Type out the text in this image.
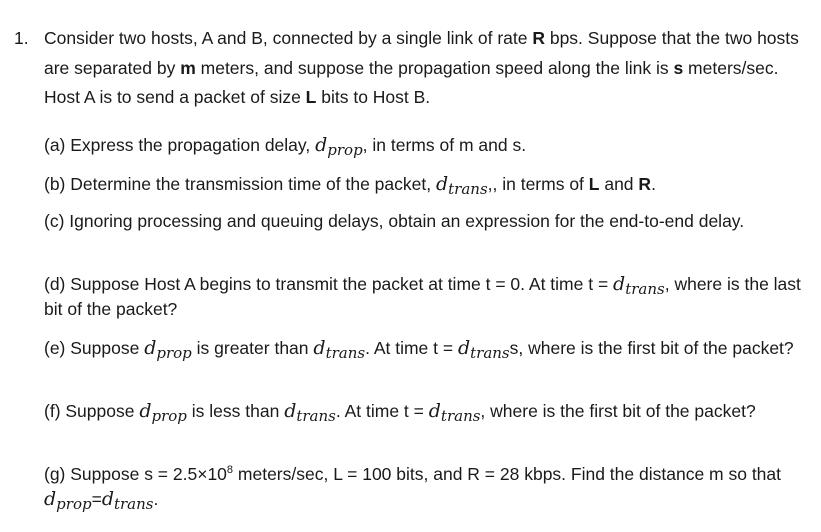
1. Consider two hosts, A and B, connected by a single link of rate R bps. Suppose that the two hosts are separated by m meters, and suppose the propagation speed along the link is s meters/sec. Host A is to send a packet of size L bits to Host B.
(a) Express the propagation delay, $d_{prop}$, in terms of m and s.
(b) Determine the transmission time of the packet, $d_{trans}$,, in terms of L and R.
(c) Ignoring processing and queuing delays, obtain an expression for the end-to-end delay.
(d) Suppose Host A begins to transmit the packet at time t = 0. At time $t = d_{trans}$, where is the last bit of the packet?
(e) Suppose $d_{prop}$ is greater than $d_{trans}$. At time $t = d_{trans}s$, where is the first bit of the packet?
(f) Suppose $d_{prop}$ is less than $d_{trans}$. At time $t = d_{trans}$, where is the first bit of the packet?
(g) Suppose $s = 2.5\times 10^8$ meters/sec, L = 100 bits, and R = 28 kbps. Find the distance m so that $d_{prop}=d_{trans}$.
